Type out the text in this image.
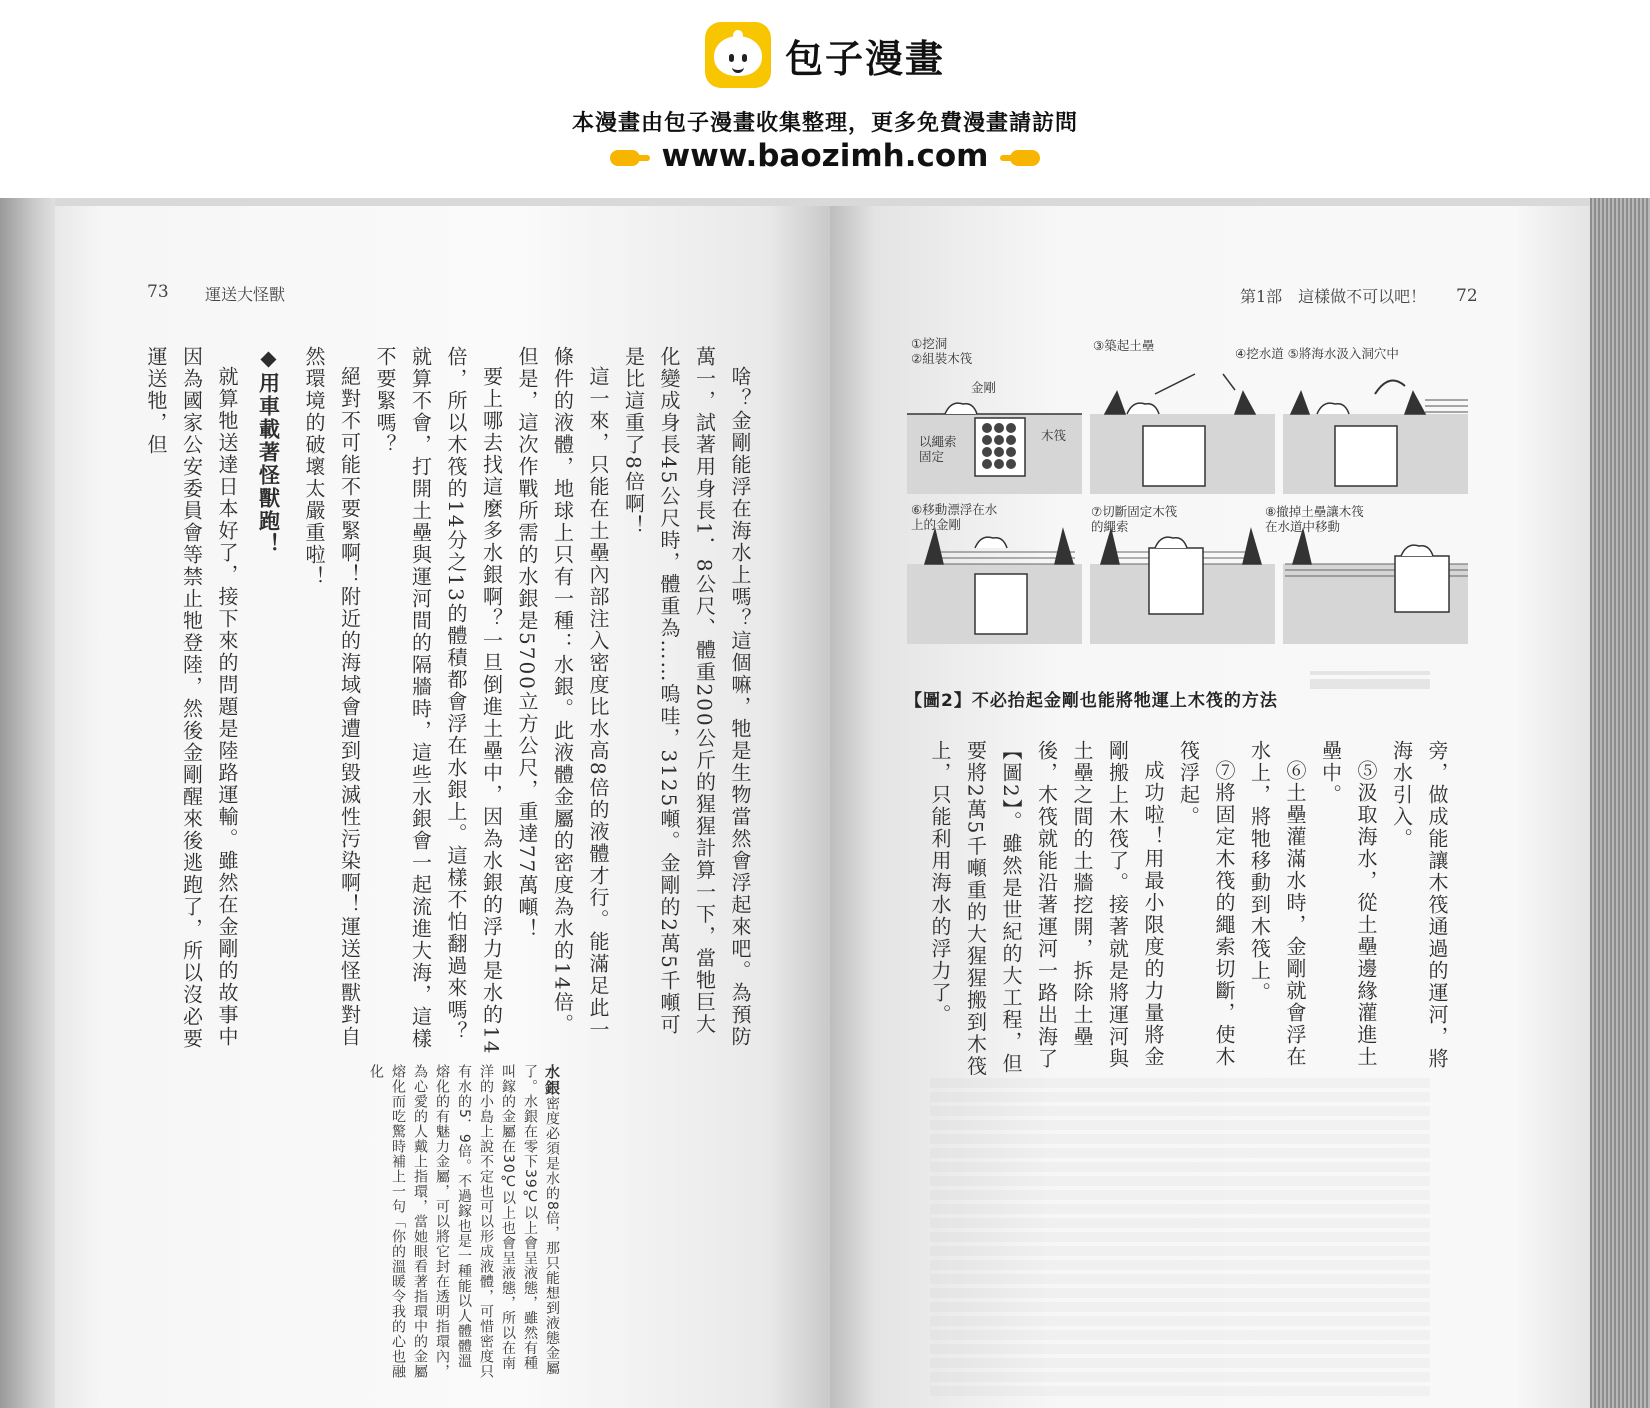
包子漫畫
本漫畫由包子漫畫收集整理，更多免費漫畫請訪問
www.baozimh.com
73 運送大怪獸

啥？金剛能浮在海水上嗎？這個嘛，牠是生物當然會浮起來吧。為預防萬一，試著用身長1．8公尺、體重200公斤的猩猩計算一下，當牠巨大化變成身長45公尺時，體重為……嗚哇，3125噸。金剛的2萬5千噸可是比這重了8倍啊！

這一來，只能在土壘內部注入密度比水高8倍的液體才行。能滿足此一條件的液體，地球上只有一種：水銀。此液體金屬的密度為水的14倍。但是，這次作戰所需的水銀是5700立方公尺，重達77萬噸！

要上哪去找這麼多水銀啊？一旦倒進土壘中，因為水銀的浮力是水的14倍，所以木筏的14分之13的體積都會浮在水銀上。這樣不怕翻過來嗎？就算不會，打開土壘與運河間的隔牆時，這些水銀會一起流進大海，這樣不要緊嗎？

絕對不可能不要緊啊！附近的海域會遭到毀滅性污染啊！運送怪獸對自然環境的破壞太嚴重啦！

◆用車載著怪獸跑！

就算牠送達日本好了，接下來的問題是陸路運輸。雖然在金剛的故事中因為國家公安委員會等禁止牠登陸，然後金剛醒來後逃跑了，所以沒必要運送牠，但

水銀密度必須是水的8倍，那只能想到液態金屬了。水銀在零下39℃以上會呈液態，雖然有種叫鎵的金屬在30℃以上也會呈液態，所以在南洋的小島上說不定也可以形成液體，可惜密度只有水的5．9倍。不過鎵也是一種能以人體體溫熔化的有魅力金屬，可以將它封在透明指環內，為心愛的人戴上指環，當她眼看著指環中的金屬熔化而吃驚時補上一句「你的溫暖令我的心也融化
第1部　這樣做不可以吧！ 72
①挖洞
②組裝木筏
③築起土壘
④挖水道 ⑤將海水汲入洞穴中
金剛
木筏
以繩索
固定
⑥移動漂浮在水
上的金剛
⑦切斷固定木筏
的繩索
⑧撤掉土壘讓木筏
在水道中移動
【圖2】不必抬起金剛也能將牠運上木筏的方法

旁，做成能讓木筏通過的運河，將海水引入。

⑤汲取海水，從土壘邊緣灌進土壘中。

⑥土壘灌滿水時，金剛就會浮在水上，將牠移動到木筏上。

⑦將固定木筏的繩索切斷，使木筏浮起。

成功啦！用最小限度的力量將金剛搬上木筏了。接著就是將運河與土壘之間的土牆挖開，拆除土壘後，木筏就能沿著運河一路出海了【圖2】。雖然是世紀的大工程，但要將2萬5千噸重的大猩猩搬到木筏上，只能利用海水的浮力了。
